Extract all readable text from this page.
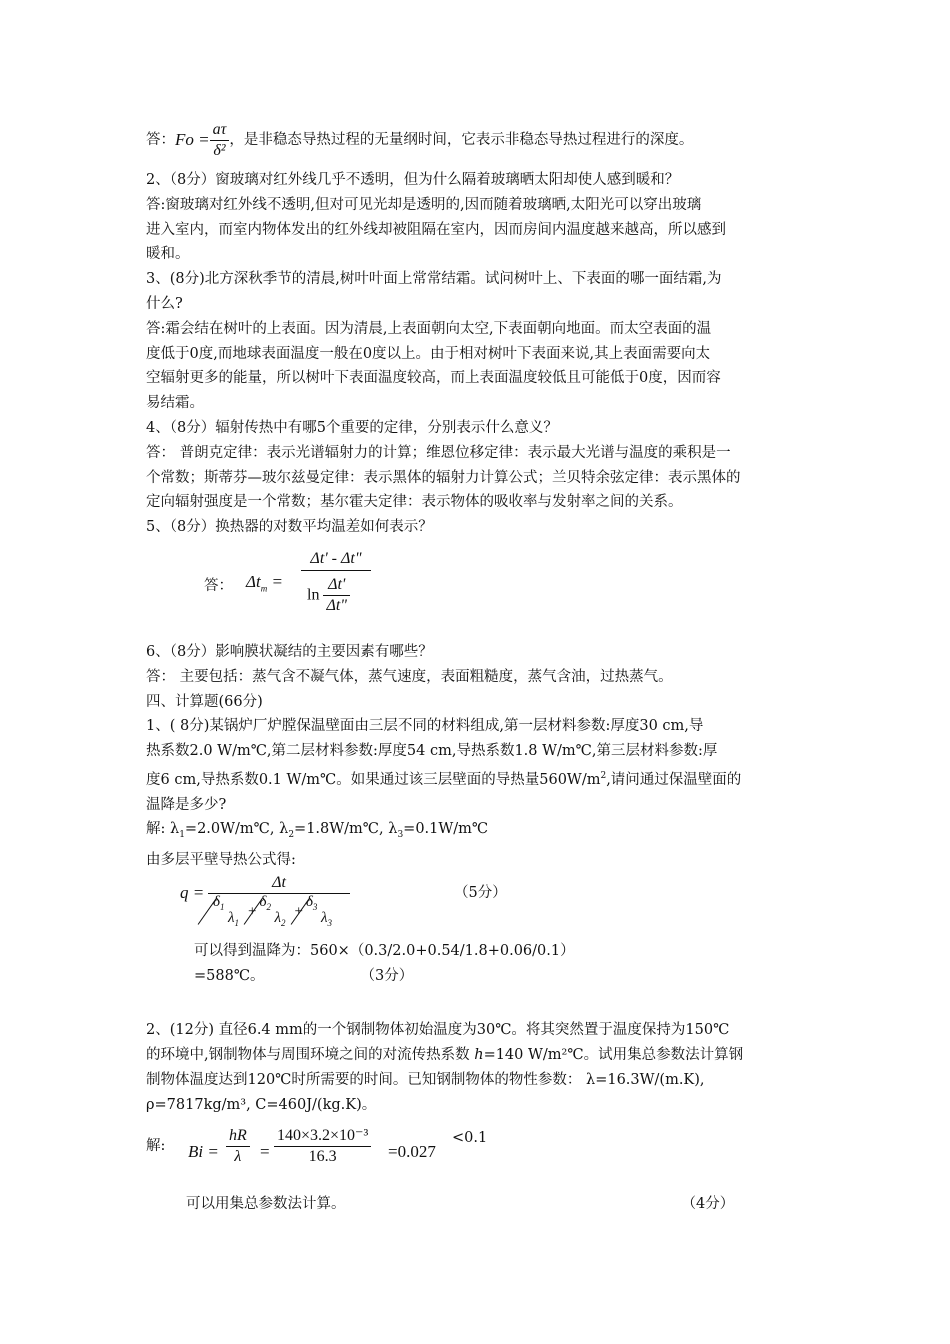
答：$Fo = \frac{a\tau}{\text{δ²}}$ ，是非稳态导热过程的无量纲时间，它表示非稳态导热过程进行的深度。
2、（8分）窗玻璃对红外线几乎不透明，但为什么隔着玻璃晒太阳却使人感到暖和？
答:窗玻璃对红外线不透明,但对可见光却是透明的,因而随着玻璃晒,太阳光可以穿出玻璃
进入室内，而室内物体发出的红外线却被阻隔在室内，因而房间内温度越来越高，所以感到
暖和。
3、(8分)北方深秋季节的清晨,树叶叶面上常常结霜。试问树叶上、下表面的哪一面结霜,为
什么?
答:霜会结在树叶的上表面。因为清晨,上表面朝向太空,下表面朝向地面。而太空表面的温
度低于0度,而地球表面温度一般在0度以上。由于相对树叶下表面来说,其上表面需要向太
空辐射更多的能量，所以树叶下表面温度较高，而上表面温度较低且可能低于0度，因而容
易结霜。
4、（8分）辐射传热中有哪5个重要的定律，分别表示什么意义？
答： 普朗克定律：表示光谱辐射力的计算；维恩位移定律：表示最大光谱与温度的乘积是一
个常数；斯蒂芬—玻尔兹曼定律：表示黑体的辐射力计算公式；兰贝特余弦定律：表示黑体的
定向辐射强度是一个常数；基尔霍夫定律：表示物体的吸收率与发射率之间的关系。
5、（8分）换热器的对数平均温差如何表示？
答： $\Delta t_m = \frac{\Delta t' - \Delta t"}{\ln \frac{\Delta t'}{\Delta t"}}$
6、（8分）影响膜状凝结的主要因素有哪些？
答： 主要包括：蒸气含不凝气体，蒸气速度，表面粗糙度，蒸气含油，过热蒸气。
四、计算题(66分)
1、( 8分)某锅炉厂炉膛保温壁面由三层不同的材料组成,第一层材料参数:厚度30 cm,导
热系数2.0 W/m℃,第二层材料参数:厚度54 cm,导热系数1.8 W/m℃,第三层材料参数:厚
度6 cm,导热系数0.1 W/m℃。如果通过该三层壁面的导热量$560W/m^2$,请问通过保温壁面的
温降是多少?
解: $\lambda_1=2.0W/m℃$, $\lambda_2=1.8W/m℃$, $\lambda_3=0.1W/m℃$
由多层平壁导热公式得:
q = Δt
$\delta_1$
$\lambda_1$
+
$\delta_2$
$\lambda_2$
+
$\delta_3$
$\lambda_3$	（5分）
可以得到温降为：560×（0.3/2.0+0.54/1.8+0.06/0.1）
=588℃。	（3分）
2、(12分) 直径6.4 mm的一个钢制物体初始温度为30℃。将其突然置于温度保持为150℃
的环境中,钢制物体与周围环境之间的对流传热系数 h=140 W/m²℃。试用集总参数法计算钢
制物体温度达到120℃时所需要的时间。已知钢制物体的物性参数： λ=16.3W/(m.K),
ρ=7817kg/m³, C=460J/(kg.K)。
解: $Bi = \frac{hR}{\lambda} = \frac{\text{140×3.2×10⁻³}}{16.3} =0.027$
<0.1
可以用集总参数法计算。	（4分）
